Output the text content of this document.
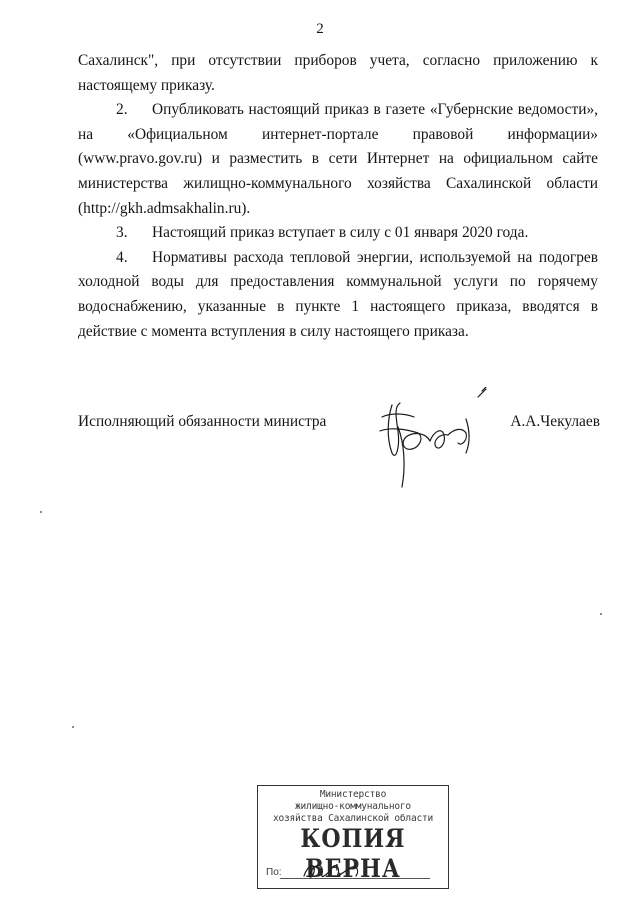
2

Сахалинск", при отсутствии приборов учета, согласно приложению к настоящему приказу.

2. Опубликовать настоящий приказ в газете «Губернские ведомости», на «Официальном интернет-портале правовой информации» (www.pravo.gov.ru) и разместить в сети Интернет на официальном сайте министерства жилищно-коммунального хозяйства Сахалинской области (http://gkh.admsakhalin.ru).

3. Настоящий приказ вступает в силу с 01 января 2020 года.

4. Нормативы расхода тепловой энергии, используемой на подогрев холодной воды для предоставления коммунальной услуги по горячему водоснабжению, указанные в пункте 1 настоящего приказа, вводятся в действие с момента вступления в силу настоящего приказа.

Исполняющий обязанности министра	А.А.Чекулаев
Министерство
жилищно-коммунального
хозяйства Сахалинской области
КОПИЯ ВЕРНА
По:
